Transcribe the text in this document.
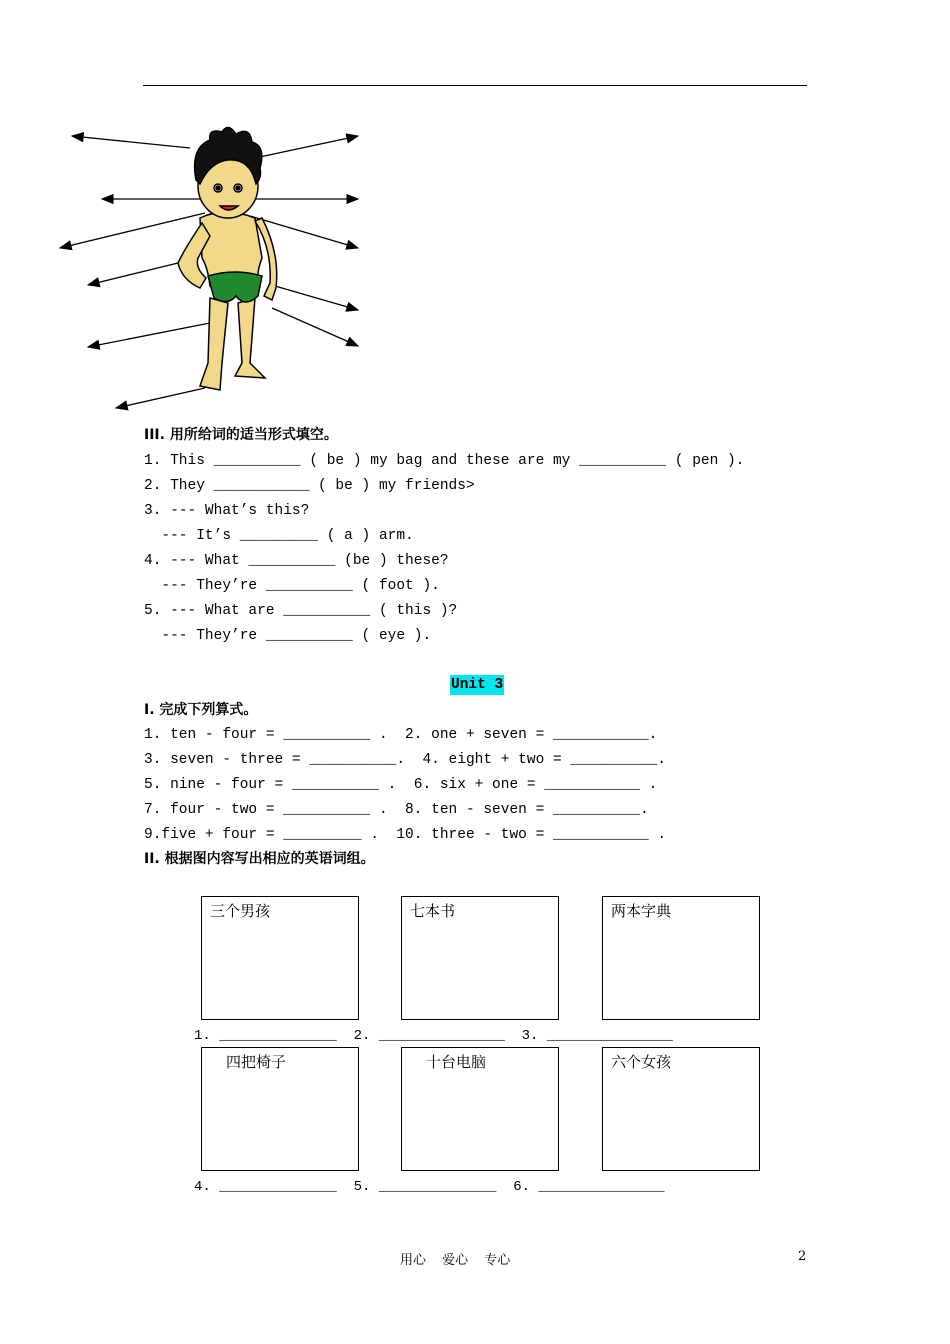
III. 用所给词的适当形式填空。
1. This __________ ( be ) my bag and these are my __________ ( pen ).
2. They ___________ ( be ) my friends>
3. --- What’s this?
--- It’s _________ ( a ) arm.
4. --- What __________ (be ) these?
--- They’re __________ ( foot ).
5. --- What are __________ ( this )?
--- They’re __________ ( eye ).
Unit 3
I. 完成下列算式。
1. ten - four = __________ .  2. one + seven = ___________.
3. seven - three = __________.  4. eight + two = __________.
5. nine - four = __________ .  6. six + one = ___________ .
7. four - two = __________ .  8. ten - seven = __________.
9.five + four = _________ .  10. three - two = ___________ .
II. 根据图内容写出相应的英语词组。
三个男孩	七本书	两本字典
1. ______________  2. _______________  3. _______________
四把椅子	十台电脑	六个女孩
4. ______________  5. ______________  6. _______________
用心 爱心 专心	2
